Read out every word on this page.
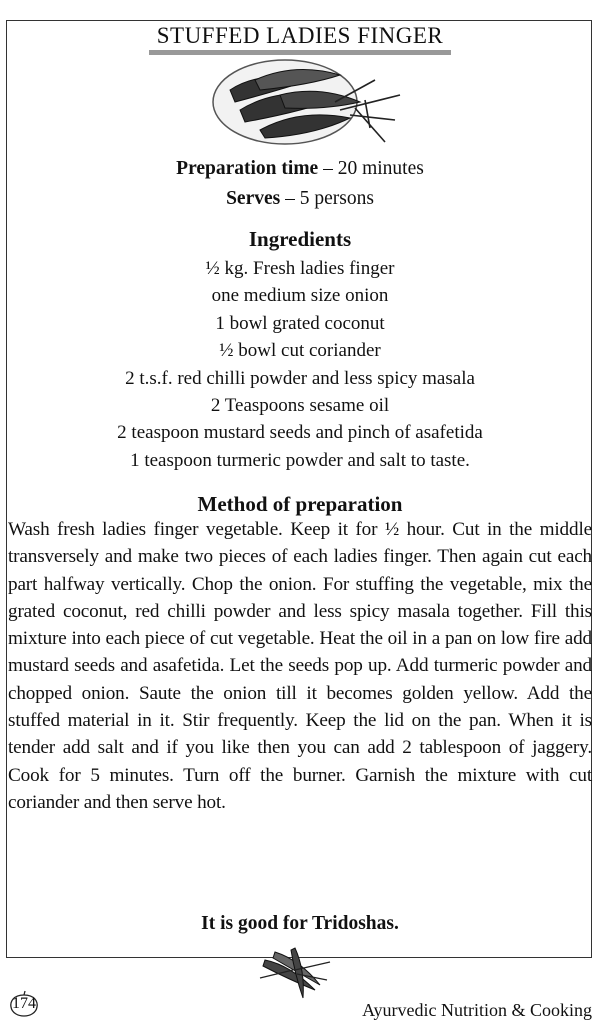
STUFFED LADIES FINGER
Preparation time – 20 minutes
Serves – 5 persons
Ingredients
½ kg. Fresh ladies finger
one medium size onion
1 bowl grated coconut
½ bowl cut coriander
2 t.s.f. red chilli powder and less spicy masala
2 Teaspoons sesame oil
2 teaspoon mustard seeds and pinch of asafetida
1 teaspoon turmeric powder and salt to taste.
Method of preparation

Wash fresh ladies finger vegetable. Keep it for ½ hour. Cut in the middle transversely and make two pieces of each ladies finger. Then again cut each part halfway vertically. Chop the onion. For stuffing the vegetable, mix the grated coconut, red chilli powder and less spicy masala together. Fill this mixture into each piece of cut vegetable. Heat the oil in a pan on low fire add mustard seeds and asafetida. Let the seeds pop up. Add turmeric powder and chopped onion. Saute the onion till it becomes golden yellow. Add the stuffed material in it. Stir frequently. Keep the lid on the pan. When it is tender add salt and if you like then you can add 2 tablespoon of jaggery. Cook for 5 minutes. Turn off the burner. Garnish the mixture with cut coriander and then serve hot.

It is good for Tridoshas.
174	Ayurvedic Nutrition & Cooking
